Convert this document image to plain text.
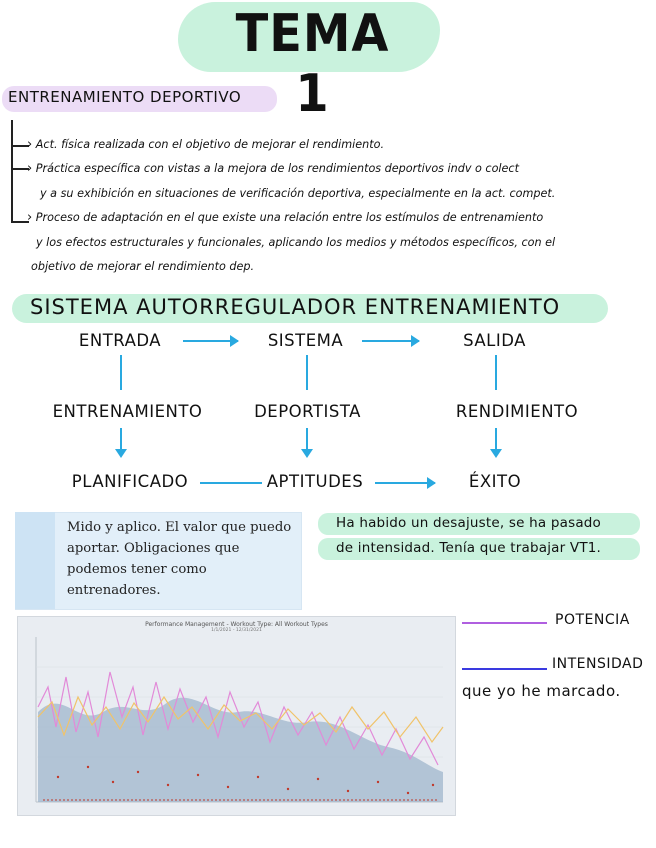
TEMA 1
ENTRENAMIENTO DEPORTIVO
› Act. física realizada con el objetivo de mejorar el rendimiento.
› Práctica específica con vistas a la mejora de los rendimientos deportivos indv o colect
y a su exhibición en situaciones de verificación deportiva, especialmente en la act. compet.
› Proceso de adaptación en el que existe una relación entre los estímulos de entrenamiento
y los efectos estructurales y funcionales, aplicando los medios y métodos específicos, con el
objetivo de mejorar el rendimiento dep.
SISTEMA AUTORREGULADOR ENTRENAMIENTO
ENTRADA	SISTEMA	SALIDA
ENTRENAMIENTO	DEPORTISTA	RENDIMIENTO
PLANIFICADO	APTITUDES	ÉXITO
Mido y aplico. El valor que puedo aportar. Obligaciones que podemos tener como entrenadores.
Ha habido un desajuste, se ha pasado
de intensidad. Tenía que trabajar VT1.
Performance Management - Workout Type: All Workout Types
1/1/2021 - 12/31/2021
POTENCIA
INTENSIDAD
que yo he marcado.
